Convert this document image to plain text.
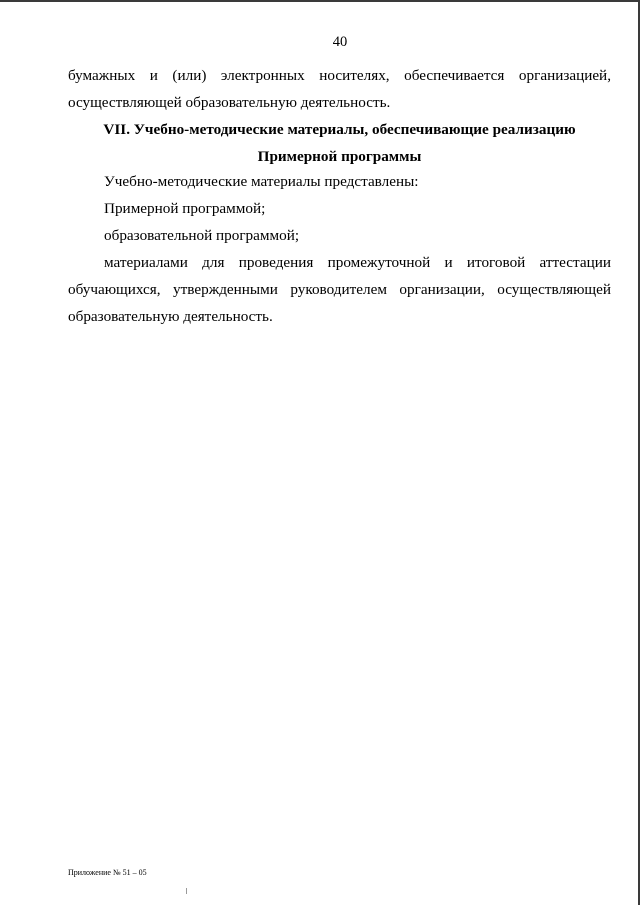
40
бумажных и (или) электронных носителях, обеспечивается организацией,
осуществляющей образовательную деятельность.
VII. Учебно-методические материалы, обеспечивающие реализацию
Примерной программы
Учебно-методические материалы представлены:
Примерной программой;
образовательной программой;
материалами для проведения промежуточной и итоговой аттестации
обучающихся, утвержденными руководителем организации, осуществляющей
образовательную деятельность.
Приложение № 51 – 05
